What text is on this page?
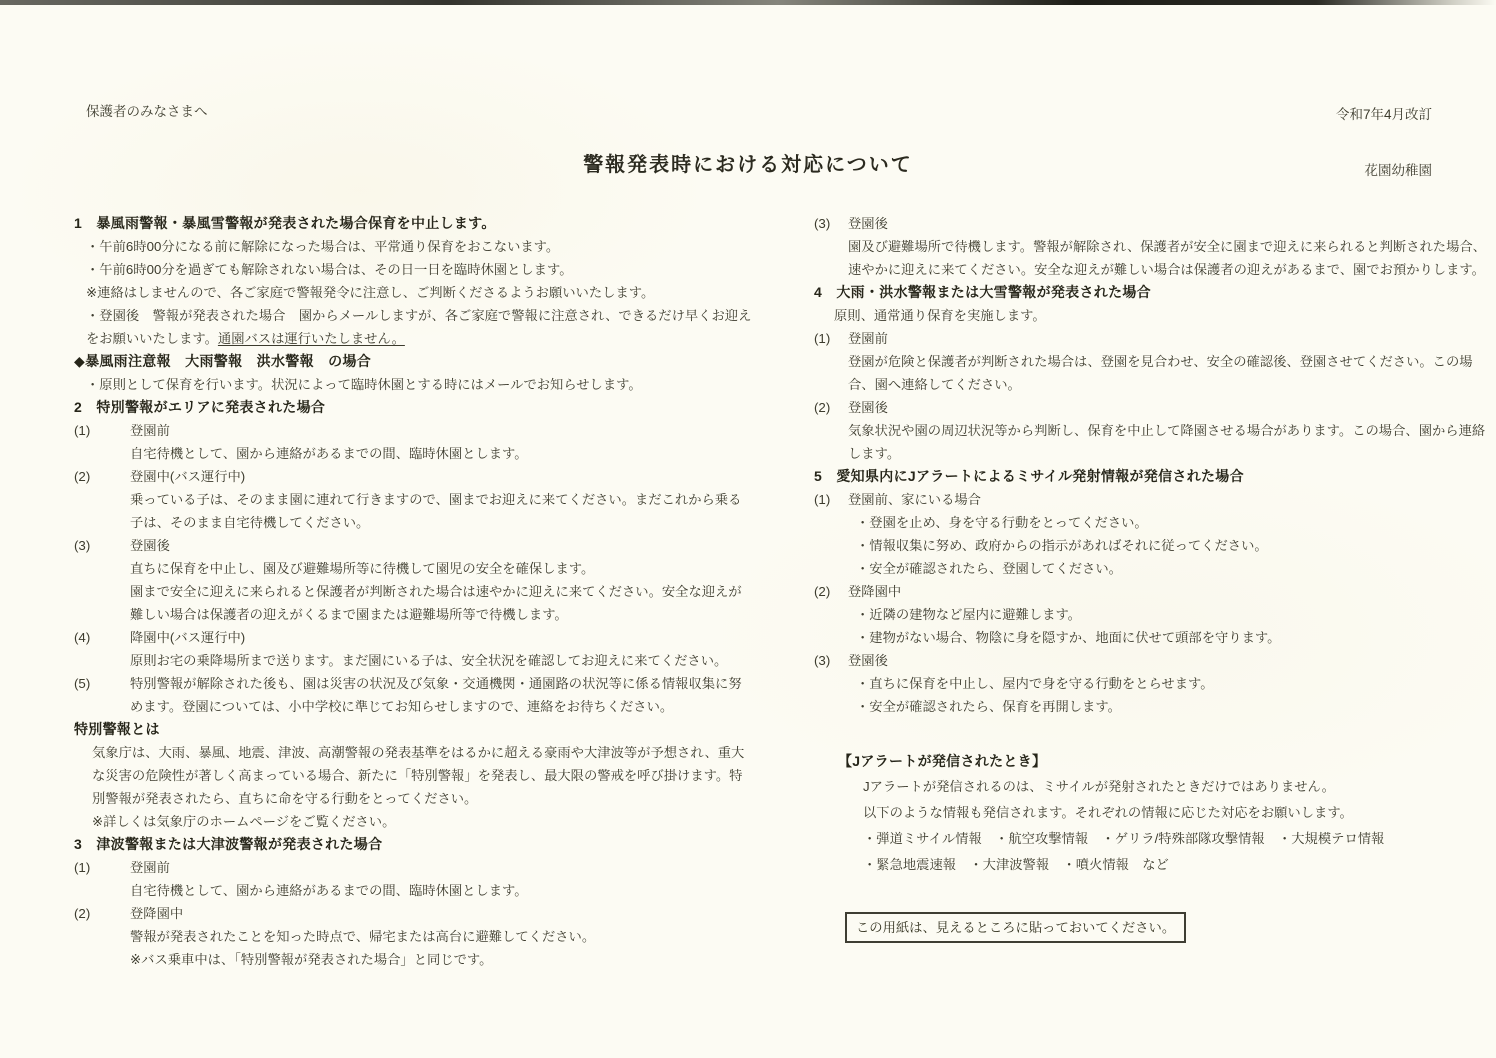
保護者のみなさまへ	令和7年4月改訂
警報発表時における対応について	花園幼稚園
1　暴風雨警報・暴風雪警報が発表された場合保育を中止します。
・午前6時00分になる前に解除になった場合は、平常通り保育をおこないます。
・午前6時00分を過ぎても解除されない場合は、その日一日を臨時休園とします。
※連絡はしませんので、各ご家庭で警報発令に注意し、ご判断くださるようお願いいたします。
・登園後　警報が発表された場合　園からメールしますが、各ご家庭で警報に注意され、できるだけ早くお迎えをお願いいたします。通園バスは運行いたしません。
◆暴風雨注意報　大雨警報　洪水警報　の場合
・原則として保育を行います。状況によって臨時休園とする時にはメールでお知らせします。
2　特別警報がエリアに発表された場合
(1)	登園前
自宅待機として、園から連絡があるまでの間、臨時休園とします。
(2)	登園中(バス運行中)
乗っている子は、そのまま園に連れて行きますので、園までお迎えに来てください。まだこれから乗る子は、そのまま自宅待機してください。
(3)	登園後
直ちに保育を中止し、園及び避難場所等に待機して園児の安全を確保します。
園まで安全に迎えに来られると保護者が判断された場合は速やかに迎えに来てください。安全な迎えが難しい場合は保護者の迎えがくるまで園または避難場所等で待機します。
(4)	降園中(バス運行中)
原則お宅の乗降場所まで送ります。まだ園にいる子は、安全状況を確認してお迎えに来てください。
(5)	特別警報が解除された後も、園は災害の状況及び気象・交通機関・通園路の状況等に係る情報収集に努めます。登園については、小中学校に準じてお知らせしますので、連絡をお待ちください。
特別警報とは
気象庁は、大雨、暴風、地震、津波、高潮警報の発表基準をはるかに超える豪雨や大津波等が予想され、重大な災害の危険性が著しく高まっている場合、新たに「特別警報」を発表し、最大限の警戒を呼び掛けます。特別警報が発表されたら、直ちに命を守る行動をとってください。
※詳しくは気象庁のホームページをご覧ください。
3　津波警報または大津波警報が発表された場合
(1)	登園前
自宅待機として、園から連絡があるまでの間、臨時休園とします。
(2)	登降園中
警報が発表されたことを知った時点で、帰宅または高台に避難してください。
※バス乗車中は、「特別警報が発表された場合」と同じです。
(3)	登園後
園及び避難場所で待機します。警報が解除され、保護者が安全に園まで迎えに来られると判断された場合、速やかに迎えに来てください。安全な迎えが難しい場合は保護者の迎えがあるまで、園でお預かりします。
4　大雨・洪水警報または大雪警報が発表された場合
原則、通常通り保育を実施します。
(1)	登園前
登園が危険と保護者が判断された場合は、登園を見合わせ、安全の確認後、登園させてください。この場合、園へ連絡してください。
(2)	登園後
気象状況や園の周辺状況等から判断し、保育を中止して降園させる場合があります。この場合、園から連絡します。
5　愛知県内にJアラートによるミサイル発射情報が発信された場合
(1)	登園前、家にいる場合
・登園を止め、身を守る行動をとってください。
・情報収集に努め、政府からの指示があればそれに従ってください。
・安全が確認されたら、登園してください。
(2)	登降園中
・近隣の建物など屋内に避難します。
・建物がない場合、物陰に身を隠すか、地面に伏せて頭部を守ります。
(3)	登園後
・直ちに保育を中止し、屋内で身を守る行動をとらせます。
・安全が確認されたら、保育を再開します。
【Jアラートが発信されたとき】
Jアラートが発信されるのは、ミサイルが発射されたときだけではありません。
以下のような情報も発信されます。それぞれの情報に応じた対応をお願いします。
・弾道ミサイル情報　・航空攻撃情報　・ゲリラ/特殊部隊攻撃情報　・大規模テロ情報
・緊急地震速報　・大津波警報　・噴火情報　など
この用紙は、見えるところに貼っておいてください。
